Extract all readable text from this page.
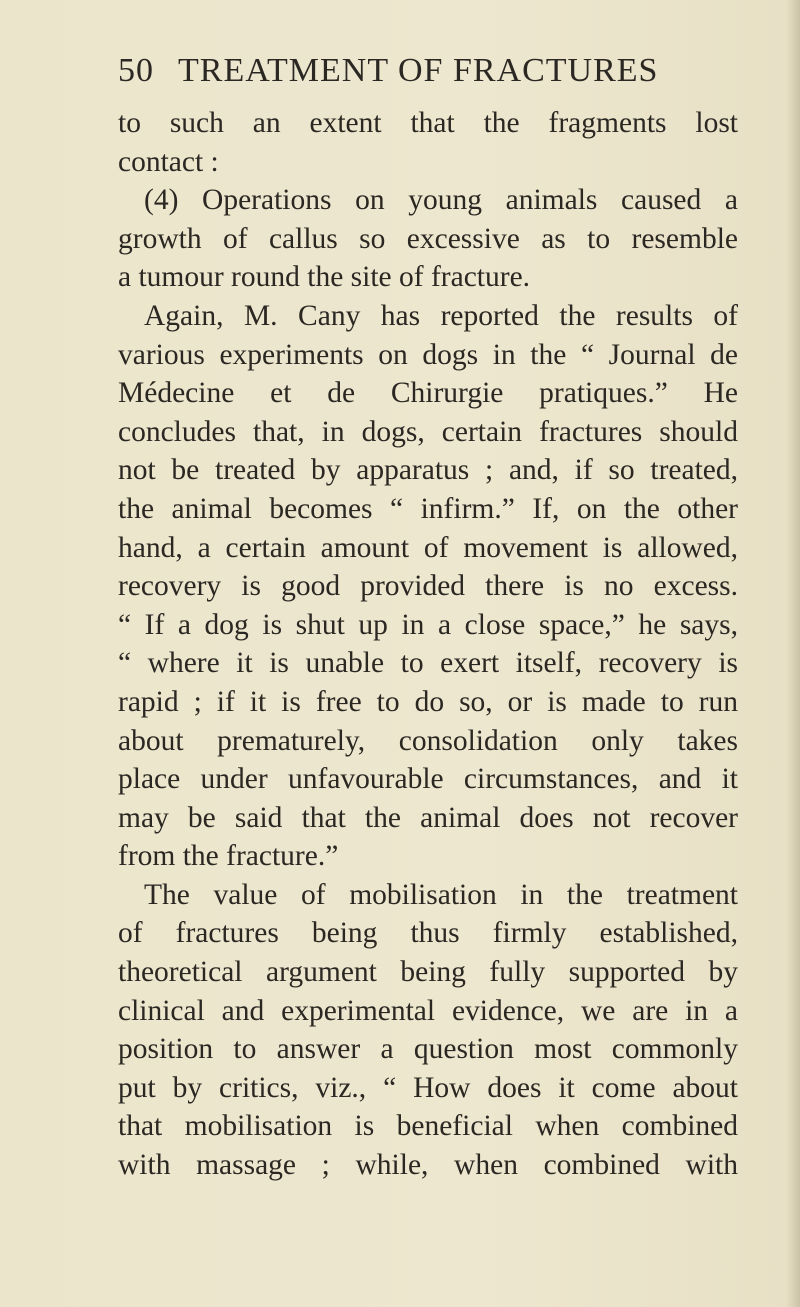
50 TREATMENT OF FRACTURES
to such an extent that the fragments lost
contact :
(4) Operations on young animals caused a
growth of callus so excessive as to resemble
a tumour round the site of fracture.
Again, M. Cany has reported the results of
various experiments on dogs in the “ Journal de
Médecine et de Chirurgie pratiques.” He
concludes that, in dogs, certain fractures should
not be treated by apparatus ; and, if so treated,
the animal becomes “ infirm.” If, on the other
hand, a certain amount of movement is allowed,
recovery is good provided there is no excess.
“ If a dog is shut up in a close space,” he says,
“ where it is unable to exert itself, recovery is
rapid ; if it is free to do so, or is made to run
about prematurely, consolidation only takes
place under unfavourable circumstances, and it
may be said that the animal does not recover
from the fracture.”
The value of mobilisation in the treatment
of fractures being thus firmly established,
theoretical argument being fully supported by
clinical and experimental evidence, we are in a
position to answer a question most commonly
put by critics, viz., “ How does it come about
that mobilisation is beneficial when combined
with massage ; while, when combined with
